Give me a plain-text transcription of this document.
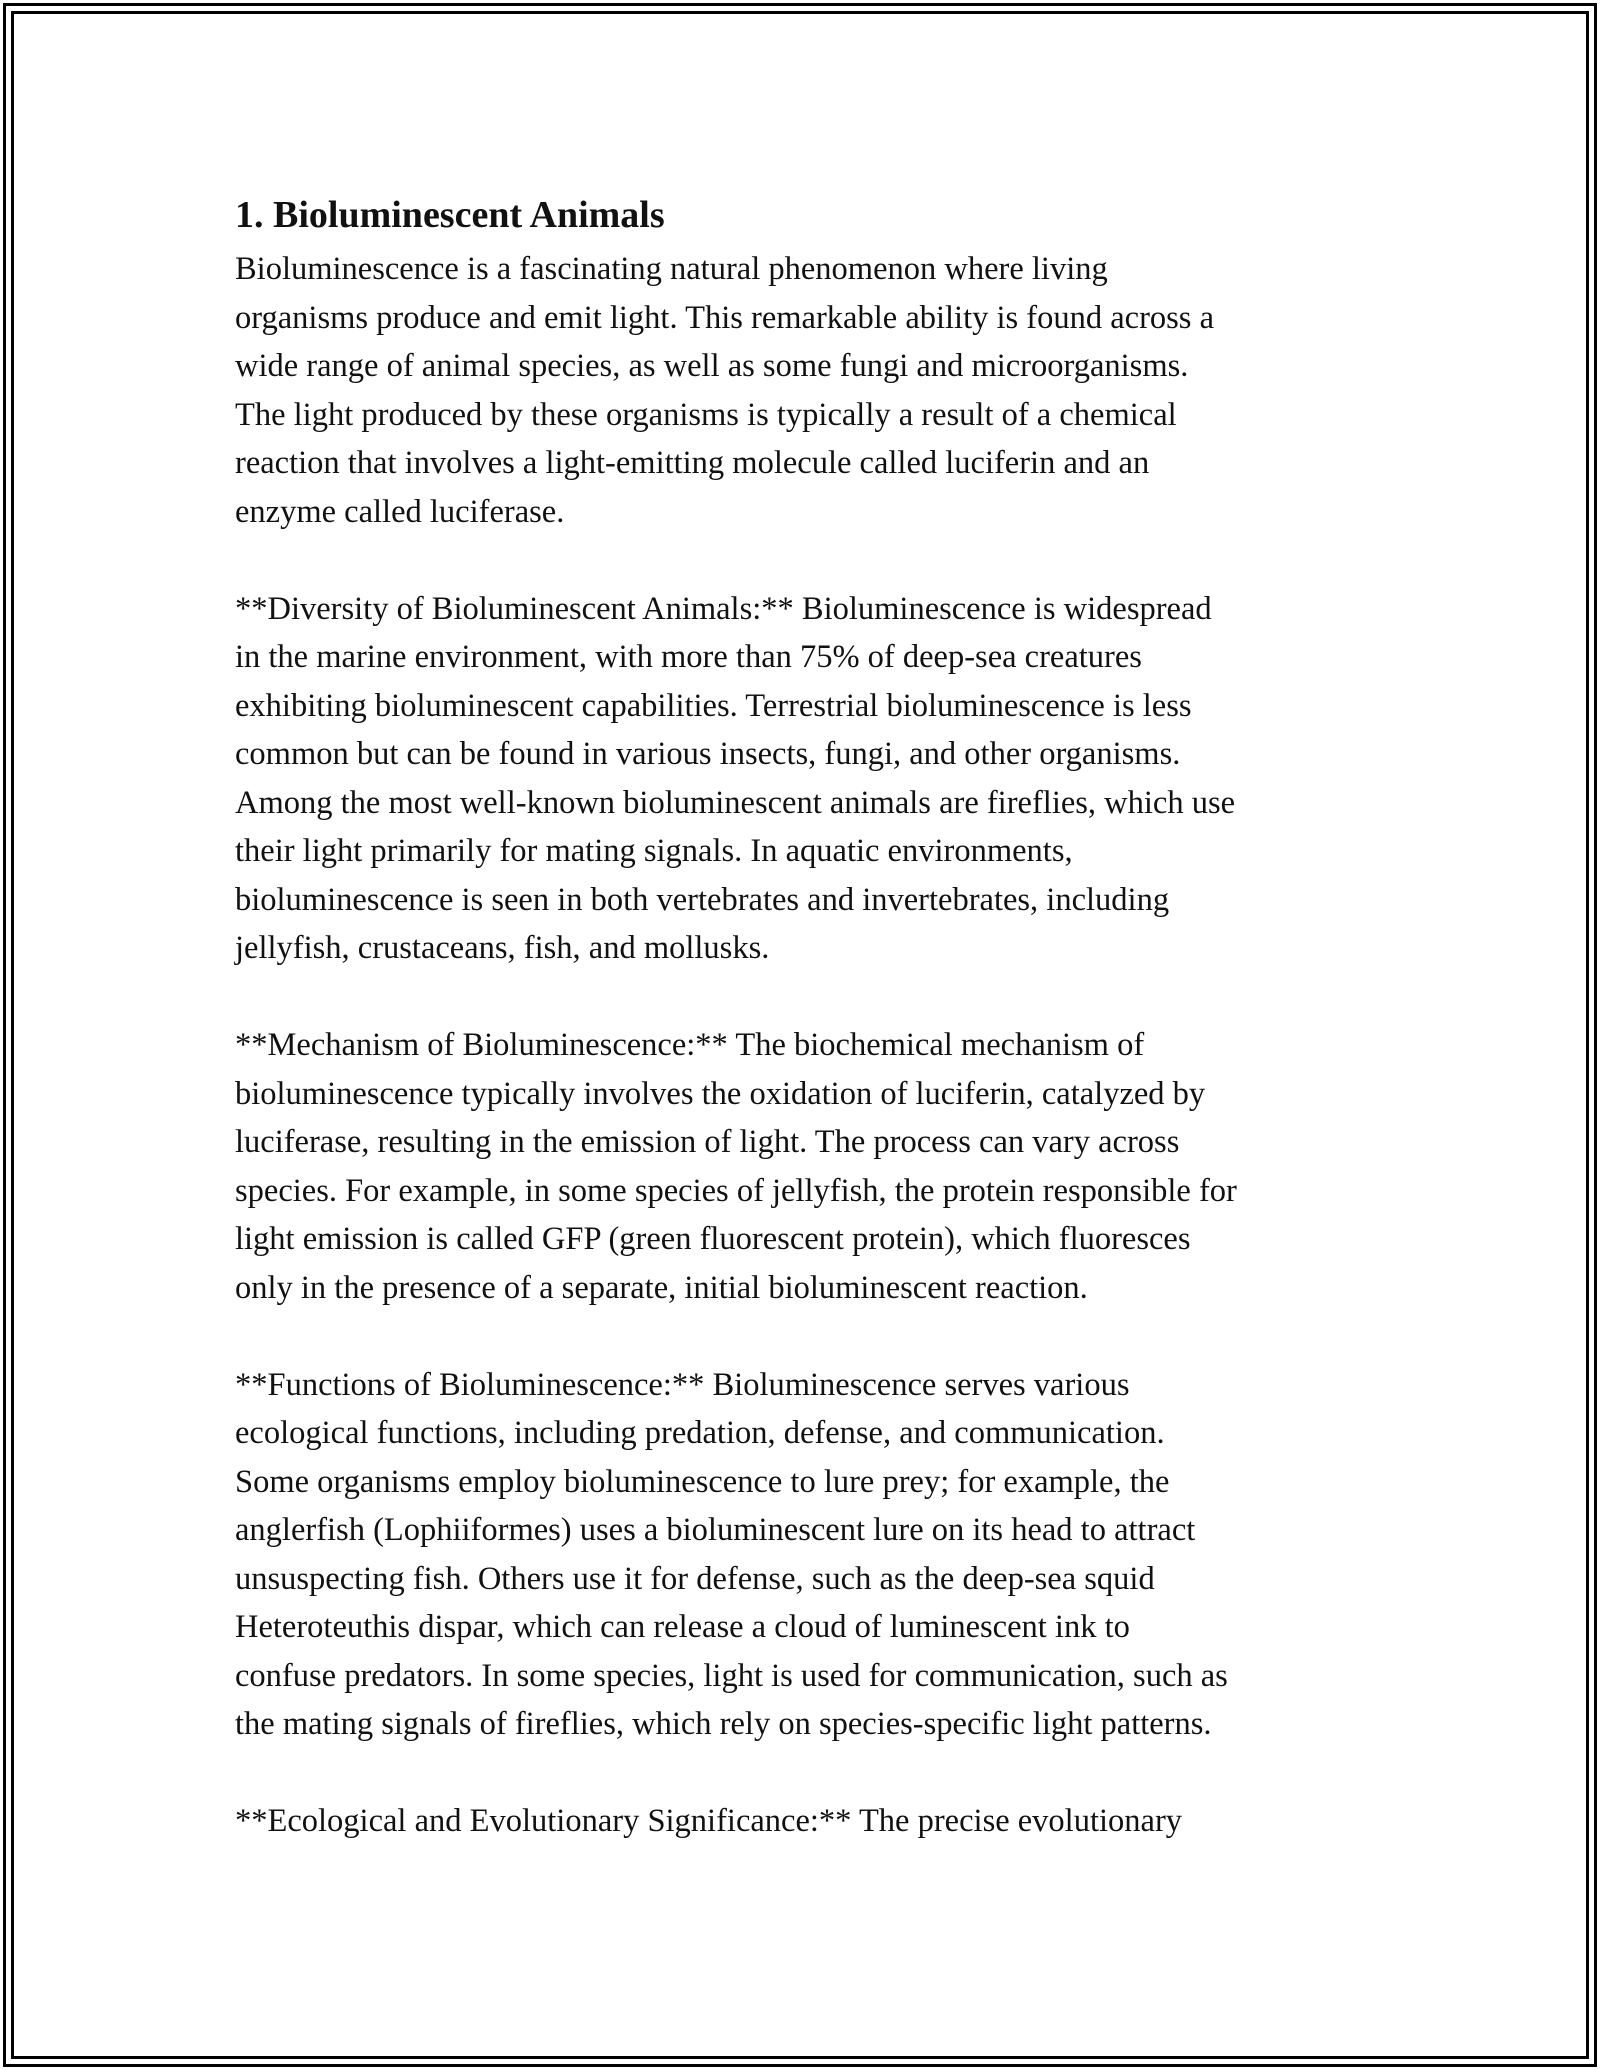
1. Bioluminescent Animals

Bioluminescence is a fascinating natural phenomenon where living
organisms produce and emit light. This remarkable ability is found across a
wide range of animal species, as well as some fungi and microorganisms.
The light produced by these organisms is typically a result of a chemical
reaction that involves a light-emitting molecule called luciferin and an
enzyme called luciferase.

**Diversity of Bioluminescent Animals:** Bioluminescence is widespread
in the marine environment, with more than 75% of deep-sea creatures
exhibiting bioluminescent capabilities. Terrestrial bioluminescence is less
common but can be found in various insects, fungi, and other organisms.
Among the most well-known bioluminescent animals are fireflies, which use
their light primarily for mating signals. In aquatic environments,
bioluminescence is seen in both vertebrates and invertebrates, including
jellyfish, crustaceans, fish, and mollusks.

**Mechanism of Bioluminescence:** The biochemical mechanism of
bioluminescence typically involves the oxidation of luciferin, catalyzed by
luciferase, resulting in the emission of light. The process can vary across
species. For example, in some species of jellyfish, the protein responsible for
light emission is called GFP (green fluorescent protein), which fluoresces
only in the presence of a separate, initial bioluminescent reaction.

**Functions of Bioluminescence:** Bioluminescence serves various
ecological functions, including predation, defense, and communication.
Some organisms employ bioluminescence to lure prey; for example, the
anglerfish (Lophiiformes) uses a bioluminescent lure on its head to attract
unsuspecting fish. Others use it for defense, such as the deep-sea squid
Heteroteuthis dispar, which can release a cloud of luminescent ink to
confuse predators. In some species, light is used for communication, such as
the mating signals of fireflies, which rely on species-specific light patterns.

**Ecological and Evolutionary Significance:** The precise evolutionary
